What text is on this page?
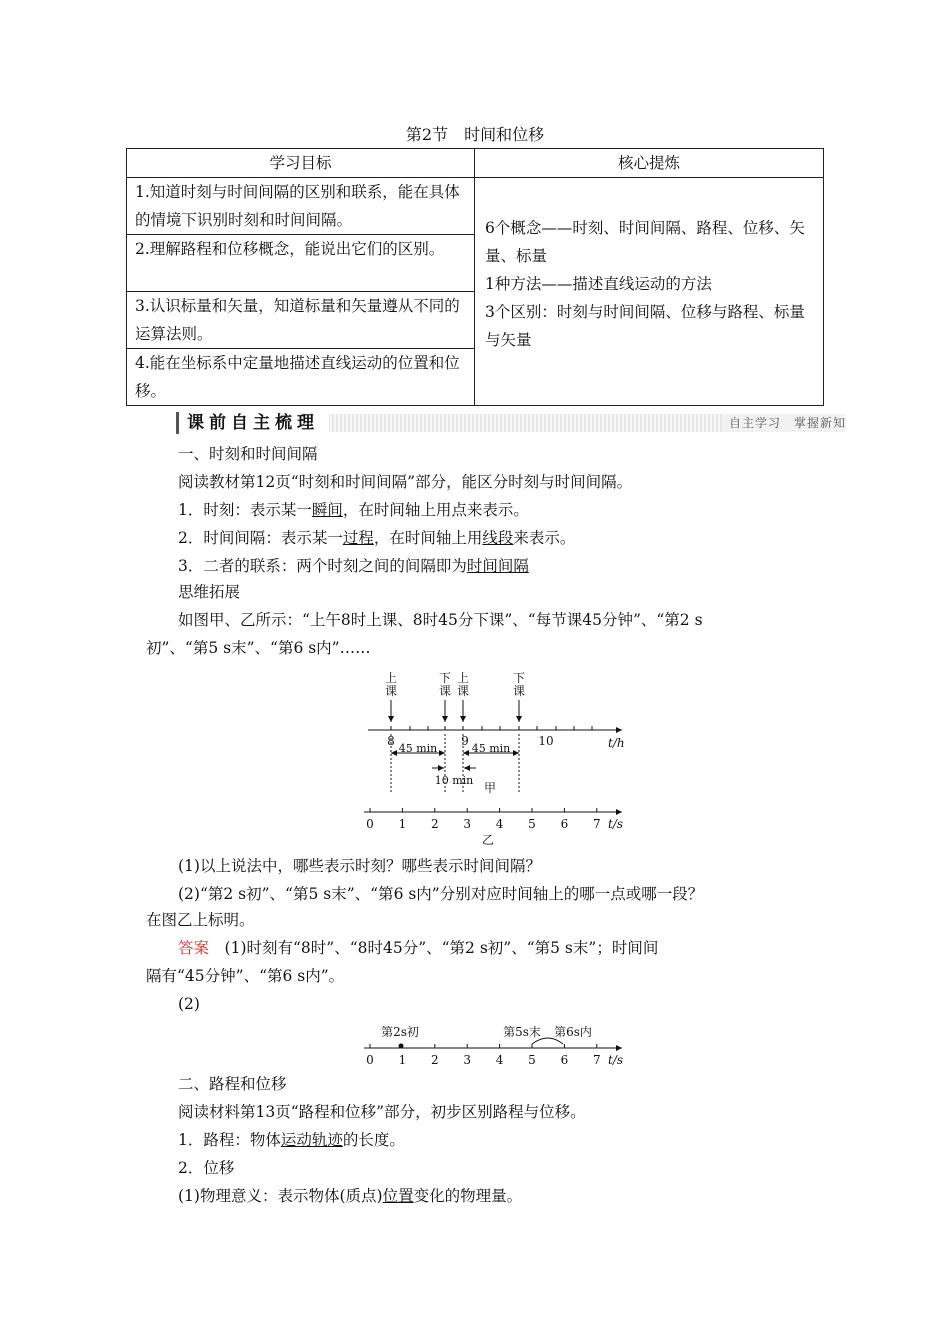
第2节　时间和位移
学习目标	核心提炼
1.知道时刻与时间间隔的区别和联系，能在具体的情境下识别时刻和时间间隔。	6个概念——时刻、时间间隔、路程、位移、矢量、标量
1种方法——描述直线运动的方法
3个区别：时刻与时间间隔、位移与路程、标量与矢量

2.理解路程和位移概念，能说出它们的区别。	
3.认识标量和矢量，知道标量和矢量遵从不同的运算法则。	
4.能在坐标系中定量地描述直线运动的位置和位移。	
课前自主梳理	自主学习　掌握新知
一、时刻和时间间隔
阅读教材第12页“时刻和时间间隔”部分，能区分时刻与时间间隔。
1．时刻：表示某一瞬间，在时间轴上用点来表示。
2．时间间隔：表示某一过程，在时间轴上用线段来表示。
3．二者的联系：两个时刻之间的间隔即为时间间隔
思维拓展
如图甲、乙所示：“上午8时上课、8时45分下课”、“每节课45分钟”、“第2 s
初”、“第5 s末”、“第6 s内”……
上
课
下
课
上
课
下
课
8	9	10	t/h
45 min	45 min
10 min
甲
0 1 2 3 4 5 6 7 t/s
乙
(1)以上说法中，哪些表示时刻？哪些表示时间间隔？
(2)“第2 s初”、“第5 s末”、“第6 s内”分别对应时间轴上的哪一点或哪一段？
在图乙上标明。
答案　 (1)时刻有“8时”、“8时45分”、“第2 s初”、“第5 s末”；时间间
隔有“45分钟”、“第6 s内”。
(2)
第2s初	第5s末 第6s内
0 1 2 3 4 5 6 7 t/s
二、路程和位移
阅读材料第13页“路程和位移”部分，初步区别路程与位移。
1．路程：物体运动轨迹的长度。
2．位移
(1)物理意义：表示物体(质点)位置变化的物理量。
